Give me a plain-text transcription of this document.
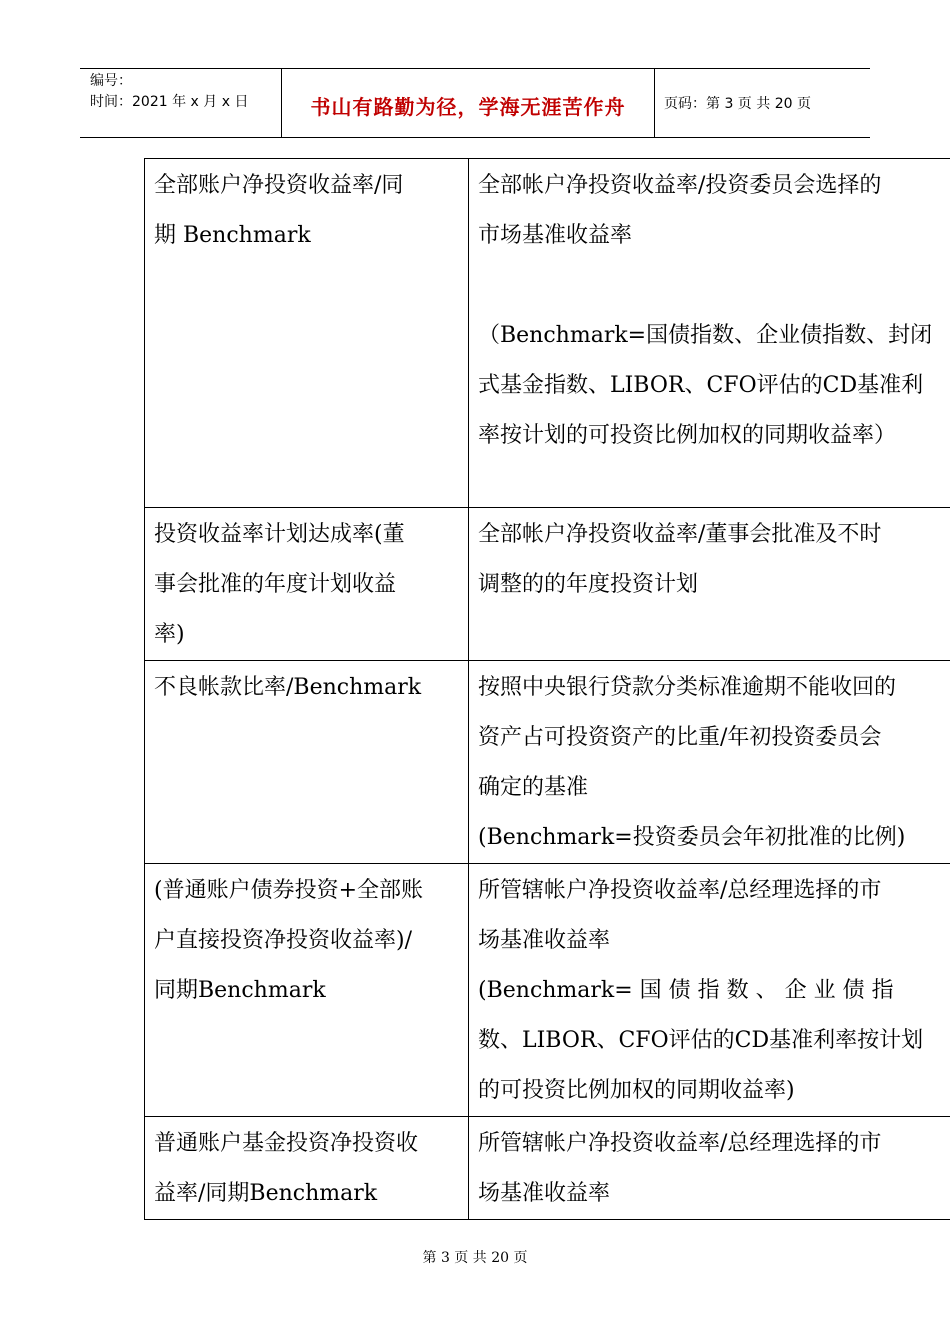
编号：
时间：2021 年 x 月 x 日	书山有路勤为径，学海无涯苦作舟	页码：第 3 页 共 20 页
全部账户净投资收益率/同
期 Benchmark	全部帐户净投资收益率/投资委员会选择的
市场基准收益率
（Benchmark=国债指数、企业债指数、封闭
式基金指数、LIBOR、CFO评估的CD基准利
率按计划的可投资比例加权的同期收益率）

投资收益率计划达成率(董
事会批准的年度计划收益
率)	全部帐户净投资收益率/董事会批准及不时
调整的的年度投资计划

不良帐款比率/Benchmark	按照中央银行贷款分类标准逾期不能收回的
资产占可投资资产的比重/年初投资委员会
确定的基准
(Benchmark=投资委员会年初批准的比例)

(普通账户债券投资+全部账
户直接投资净投资收益率)/
同期Benchmark	所管辖帐户净投资收益率/总经理选择的市
场基准收益率
(Benchmark= 国 债 指 数 、 企 业 债 指
数、LIBOR、CFO评估的CD基准利率按计划
的可投资比例加权的同期收益率)

普通账户基金投资净投资收
益率/同期Benchmark	所管辖帐户净投资收益率/总经理选择的市
场基准收益率
第 3 页 共 20 页
